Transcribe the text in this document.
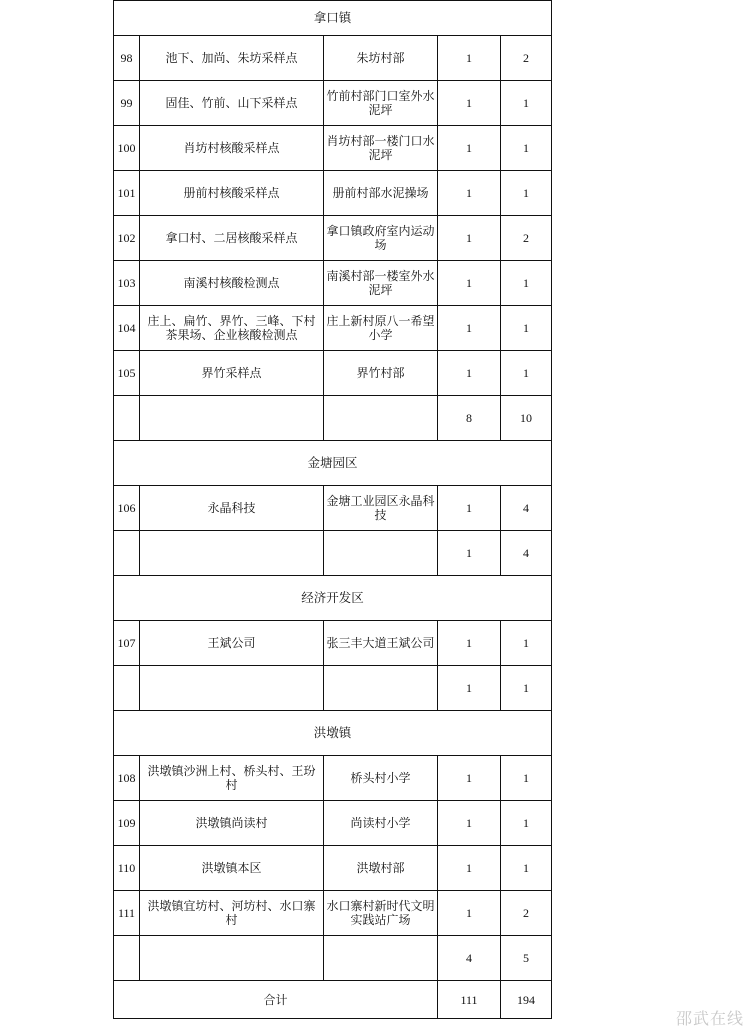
拿口镇				
98	池下、加尚、朱坊采样点	朱坊村部	1	2
99	固佳、竹前、山下采样点	竹前村部门口室外水泥坪	1	1
100	肖坊村核酸采样点	肖坊村部一楼门口水泥坪	1	1
101	册前村核酸采样点	册前村部水泥操场	1	1
102	拿口村、二居核酸采样点	拿口镇政府室内运动场	1	2
103	南溪村核酸检测点	南溪村部一楼室外水泥坪	1	1
104	庄上、扁竹、界竹、三峰、下村茶果场、企业核酸检测点	庄上新村原八一希望小学	1	1
105	界竹采样点	界竹村部	1	1
			8	10
金塘园区				
106	永晶科技	金塘工业园区永晶科技	1	4
			1	4
经济开发区				
107	王斌公司	张三丰大道王斌公司	1	1
			1	1
洪墩镇				
108	洪墩镇沙洲上村、桥头村、王玢村	桥头村小学	1	1
109	洪墩镇尚读村	尚读村小学	1	1
110	洪墩镇本区	洪墩村部	1	1
111	洪墩镇宜坊村、河坊村、水口寨村	水口寨村新时代文明实践站广场	1	2
			4	5
合计			111	194
邵武在线
